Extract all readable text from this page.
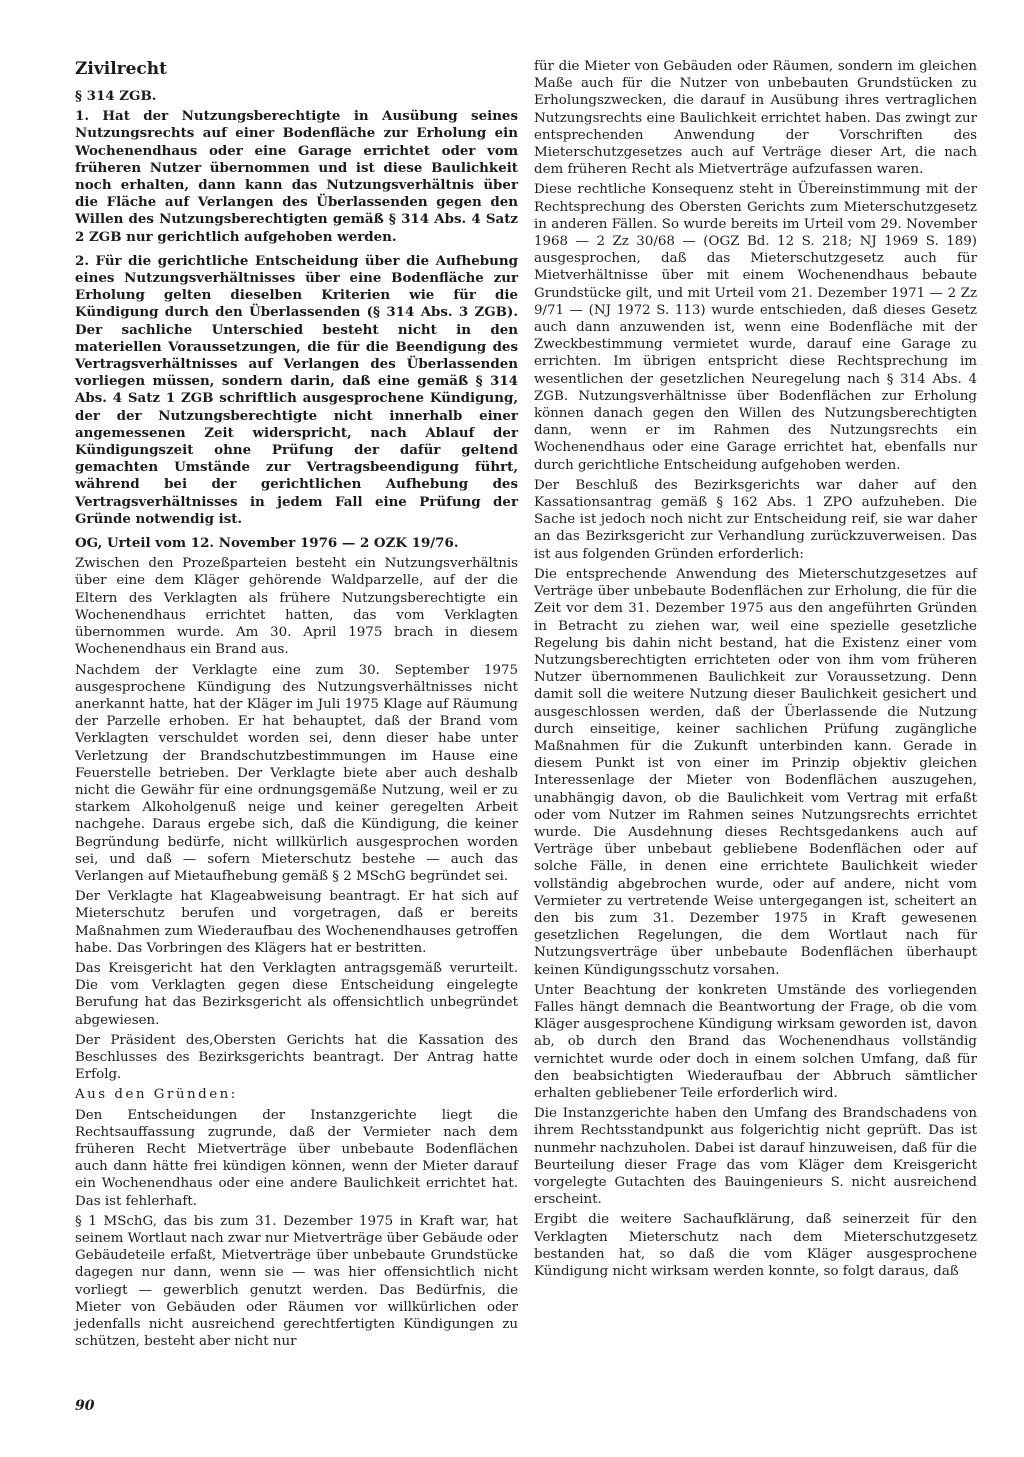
Zivilrecht

§ 314 ZGB.

1. Hat der Nutzungsberechtigte in Ausübung seines Nutzungsrechts auf einer Bodenfläche zur Erholung ein Wochenendhaus oder eine Garage errichtet oder vom früheren Nutzer übernommen und ist diese Baulichkeit noch erhalten, dann kann das Nutzungsverhältnis über die Fläche auf Verlangen des Überlassenden gegen den Willen des Nutzungsberechtigten gemäß § 314 Abs. 4 Satz 2 ZGB nur gerichtlich aufgehoben werden.

2. Für die gerichtliche Entscheidung über die Aufhebung eines Nutzungsverhältnisses über eine Bodenfläche zur Erholung gelten dieselben Kriterien wie für die Kündigung durch den Überlassenden (§ 314 Abs. 3 ZGB). Der sachliche Unterschied besteht nicht in den materiellen Voraussetzungen, die für die Beendigung des Vertragsverhältnisses auf Verlangen des Überlassenden vorliegen müssen, sondern darin, daß eine gemäß § 314 Abs. 4 Satz 1 ZGB schriftlich ausgesprochene Kündigung, der der Nutzungsberechtigte nicht innerhalb einer angemessenen Zeit widerspricht, nach Ablauf der Kündigungszeit ohne Prüfung der dafür geltend gemachten Umstände zur Vertragsbeendigung führt, während bei der gerichtlichen Aufhebung des Vertragsverhältnisses in jedem Fall eine Prüfung der Gründe notwendig ist.

OG, Urteil vom 12. November 1976 — 2 OZK 19/76.

Zwischen den Prozeßparteien besteht ein Nutzungsverhältnis über eine dem Kläger gehörende Waldparzelle, auf der die Eltern des Verklagten als frühere Nutzungsberechtigte ein Wochenendhaus errichtet hatten, das vom Verklagten übernommen wurde. Am 30. April 1975 brach in diesem Wochenendhaus ein Brand aus.

Nachdem der Verklagte eine zum 30. September 1975 ausgesprochene Kündigung des Nutzungsverhältnisses nicht anerkannt hatte, hat der Kläger im Juli 1975 Klage auf Räumung der Parzelle erhoben. Er hat behauptet, daß der Brand vom Verklagten verschuldet worden sei, denn dieser habe unter Verletzung der Brandschutzbestimmungen im Hause eine Feuerstelle betrieben. Der Verklagte biete aber auch deshalb nicht die Gewähr für eine ordnungsgemäße Nutzung, weil er zu starkem Alkoholgenuß neige und keiner geregelten Arbeit nachgehe. Daraus ergebe sich, daß die Kündigung, die keiner Begründung bedürfe, nicht willkürlich ausgesprochen worden sei, und daß — sofern Mieterschutz bestehe — auch das Verlangen auf Mietaufhebung gemäß § 2 MSchG begründet sei.

Der Verklagte hat Klageabweisung beantragt. Er hat sich auf Mieterschutz berufen und vorgetragen, daß er bereits Maßnahmen zum Wiederaufbau des Wochenendhauses getroffen habe. Das Vorbringen des Klägers hat er bestritten.

Das Kreisgericht hat den Verklagten antragsgemäß verurteilt. Die vom Verklagten gegen diese Entscheidung eingelegte Berufung hat das Bezirksgericht als offensichtlich unbegründet abgewiesen.

Der Präsident des,Obersten Gerichts hat die Kassation des Beschlusses des Bezirksgerichts beantragt. Der Antrag hatte Erfolg.

Aus den Gründen:

Den Entscheidungen der Instanzgerichte liegt die Rechtsauffassung zugrunde, daß der Vermieter nach dem früheren Recht Mietverträge über unbebaute Bodenflächen auch dann hätte frei kündigen können, wenn der Mieter darauf ein Wochenendhaus oder eine andere Baulichkeit errichtet hat. Das ist fehlerhaft.

§ 1 MSchG, das bis zum 31. Dezember 1975 in Kraft war, hat seinem Wortlaut nach zwar nur Mietverträge über Gebäude oder Gebäudeteile erfaßt, Mietverträge über unbebaute Grundstücke dagegen nur dann, wenn sie — was hier offensichtlich nicht vorliegt — gewerblich genutzt werden. Das Bedürfnis, die Mieter von Gebäuden oder Räumen vor willkürlichen oder jedenfalls nicht ausreichend gerechtfertigten Kündigungen zu schützen, besteht aber nicht nur

für die Mieter von Gebäuden oder Räumen, sondern im gleichen Maße auch für die Nutzer von unbebauten Grundstücken zu Erholungszwecken, die darauf in Ausübung ihres vertraglichen Nutzungsrechts eine Baulichkeit errichtet haben. Das zwingt zur entsprechenden Anwendung der Vorschriften des Mieterschutzgesetzes auch auf Verträge dieser Art, die nach dem früheren Recht als Mietverträge aufzufassen waren.

Diese rechtliche Konsequenz steht in Übereinstimmung mit der Rechtsprechung des Obersten Gerichts zum Mieterschutzgesetz in anderen Fällen. So wurde bereits im Urteil vom 29. November 1968 — 2 Zz 30/68 — (OGZ Bd. 12 S. 218; NJ 1969 S. 189) ausgesprochen, daß das Mieterschutzgesetz auch für Mietverhältnisse über mit einem Wochenendhaus bebaute Grundstücke gilt, und mit Urteil vom 21. Dezember 1971 — 2 Zz 9/71 — (NJ 1972 S. 113) wurde entschieden, daß dieses Gesetz auch dann anzuwenden ist, wenn eine Bodenfläche mit der Zweckbestimmung vermietet wurde, darauf eine Garage zu errichten. Im übrigen entspricht diese Rechtsprechung im wesentlichen der gesetzlichen Neuregelung nach § 314 Abs. 4 ZGB. Nutzungsverhältnisse über Bodenflächen zur Erholung können danach gegen den Willen des Nutzungsberechtigten dann, wenn er im Rahmen des Nutzungsrechts ein Wochenendhaus oder eine Garage errichtet hat, ebenfalls nur durch gerichtliche Entscheidung aufgehoben werden.

Der Beschluß des Bezirksgerichts war daher auf den Kassationsantrag gemäß § 162 Abs. 1 ZPO aufzuheben. Die Sache ist jedoch noch nicht zur Entscheidung reif, sie war daher an das Bezirksgericht zur Verhandlung zurückzuverweisen. Das ist aus folgenden Gründen erforderlich:

Die entsprechende Anwendung des Mieterschutzgesetzes auf Verträge über unbebaute Bodenflächen zur Erholung, die für die Zeit vor dem 31. Dezember 1975 aus den angeführten Gründen in Betracht zu ziehen war, weil eine spezielle gesetzliche Regelung bis dahin nicht bestand, hat die Existenz einer vom Nutzungsberechtigten errichteten oder von ihm vom früheren Nutzer übernommenen Baulichkeit zur Voraussetzung. Denn damit soll die weitere Nutzung dieser Baulichkeit gesichert und ausgeschlossen werden, daß der Überlassende die Nutzung durch einseitige, keiner sachlichen Prüfung zugängliche Maßnahmen für die Zukunft unterbinden kann. Gerade in diesem Punkt ist von einer im Prinzip objektiv gleichen Interessenlage der Mieter von Bodenflächen auszugehen, unabhängig davon, ob die Baulichkeit vom Vertrag mit erfaßt oder vom Nutzer im Rahmen seines Nutzungsrechts errichtet wurde. Die Ausdehnung dieses Rechtsgedankens auch auf Verträge über unbebaut gebliebene Bodenflächen oder auf solche Fälle, in denen eine errichtete Baulichkeit wieder vollständig abgebrochen wurde, oder auf andere, nicht vom Vermieter zu vertretende Weise untergegangen ist, scheitert an den bis zum 31. Dezember 1975 in Kraft gewesenen gesetzlichen Regelungen, die dem Wortlaut nach für Nutzungsverträge über unbebaute Bodenflächen überhaupt keinen Kündigungsschutz vorsahen.

Unter Beachtung der konkreten Umstände des vorliegenden Falles hängt demnach die Beantwortung der Frage, ob die vom Kläger ausgesprochene Kündigung wirksam geworden ist, davon ab, ob durch den Brand das Wochenendhaus vollständig vernichtet wurde oder doch in einem solchen Umfang, daß für den beabsichtigten Wiederaufbau der Abbruch sämtlicher erhalten gebliebener Teile erforderlich wird.

Die Instanzgerichte haben den Umfang des Brandschadens von ihrem Rechtsstandpunkt aus folgerichtig nicht geprüft. Das ist nunmehr nachzuholen. Dabei ist darauf hinzuweisen, daß für die Beurteilung dieser Frage das vom Kläger dem Kreisgericht vorgelegte Gutachten des Bauingenieurs S. nicht ausreichend erscheint.

Ergibt die weitere Sachaufklärung, daß seinerzeit für den Verklagten Mieterschutz nach dem Mieterschutzgesetz bestanden hat, so daß die vom Kläger ausgesprochene Kündigung nicht wirksam werden konnte, so folgt daraus, daß

90
